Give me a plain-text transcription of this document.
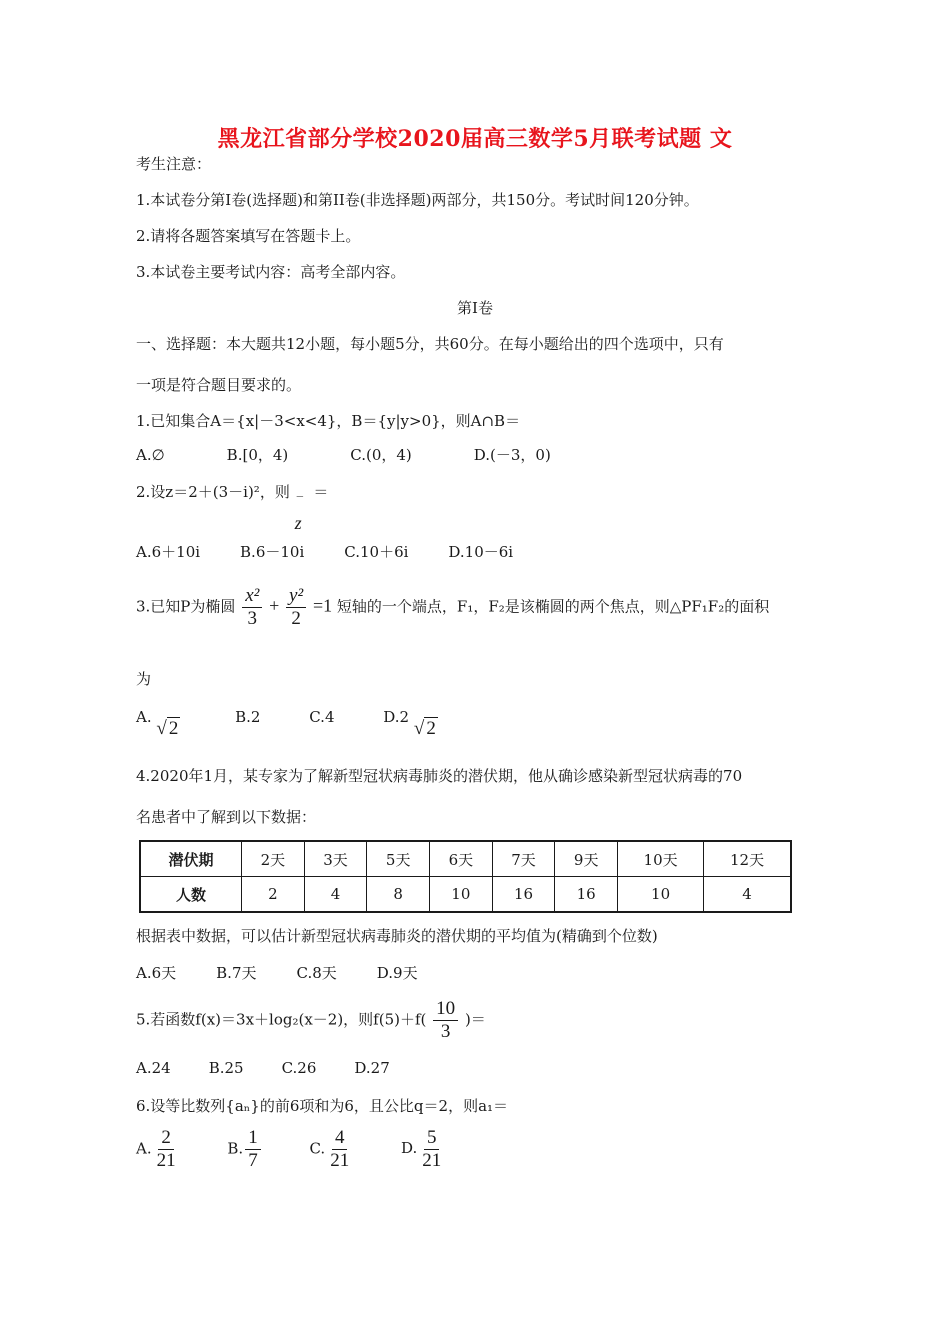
黑龙江省部分学校2020届高三数学5月联考试题 文
考生注意：
1.本试卷分第Ⅰ卷(选择题)和第II卷(非选择题)两部分，共150分。考试时间120分钟。
2.请将各题答案填写在答题卡上。
3.本试卷主要考试内容：高考全部内容。
第Ⅰ卷
一、选择题：本大题共12小题，每小题5分，共60分。在每小题给出的四个选项中，只有
一项是符合题目要求的。
1.已知集合A＝{x|－3<x<4}，B＝{y|y>0}，则A∩B＝
A.∅	B.[0，4)	C.(0，4)	D.(－3，0)
2.设z＝2＋(3－i)²，则
‾
z
＝
A.6＋10i	B.6－10i	C.10＋6i	D.10－6i
3.已知P为椭圆 $\frac{\text{x²}}{3} + \frac{\text{y²}}{2} =1$ 短轴的一个端点，F₁，F₂是该椭圆的两个焦点，则△PF₁F₂的面积
为
A. √ 2 B.2	C.4	D.2 √ 2
4.2020年1月，某专家为了解新型冠状病毒肺炎的潜伏期，他从确诊感染新型冠状病毒的70
名患者中了解到以下数据：
潜伏期	2天	3天	5天	6天	7天	9天	10天	12天
人数	2	4	8	10	16	16	10	4
根据表中数据，可以估计新型冠状病毒肺炎的潜伏期的平均值为(精确到个位数)
A.6天	B.7天	C.8天	D.9天
5.若函数f(x)＝3x＋log₂(x－2)，则$f(5)+f( \frac{10}{3}$ )＝
A.24	B.25	C.26	D.27
6.设等比数列{aₙ}的前6项和为6，且公比q＝2，则a₁＝
A. $\frac{2}{21}$	B. $\frac{1}{7}$	C. $\frac{4}{21}$	D. $\frac{5}{21}$
